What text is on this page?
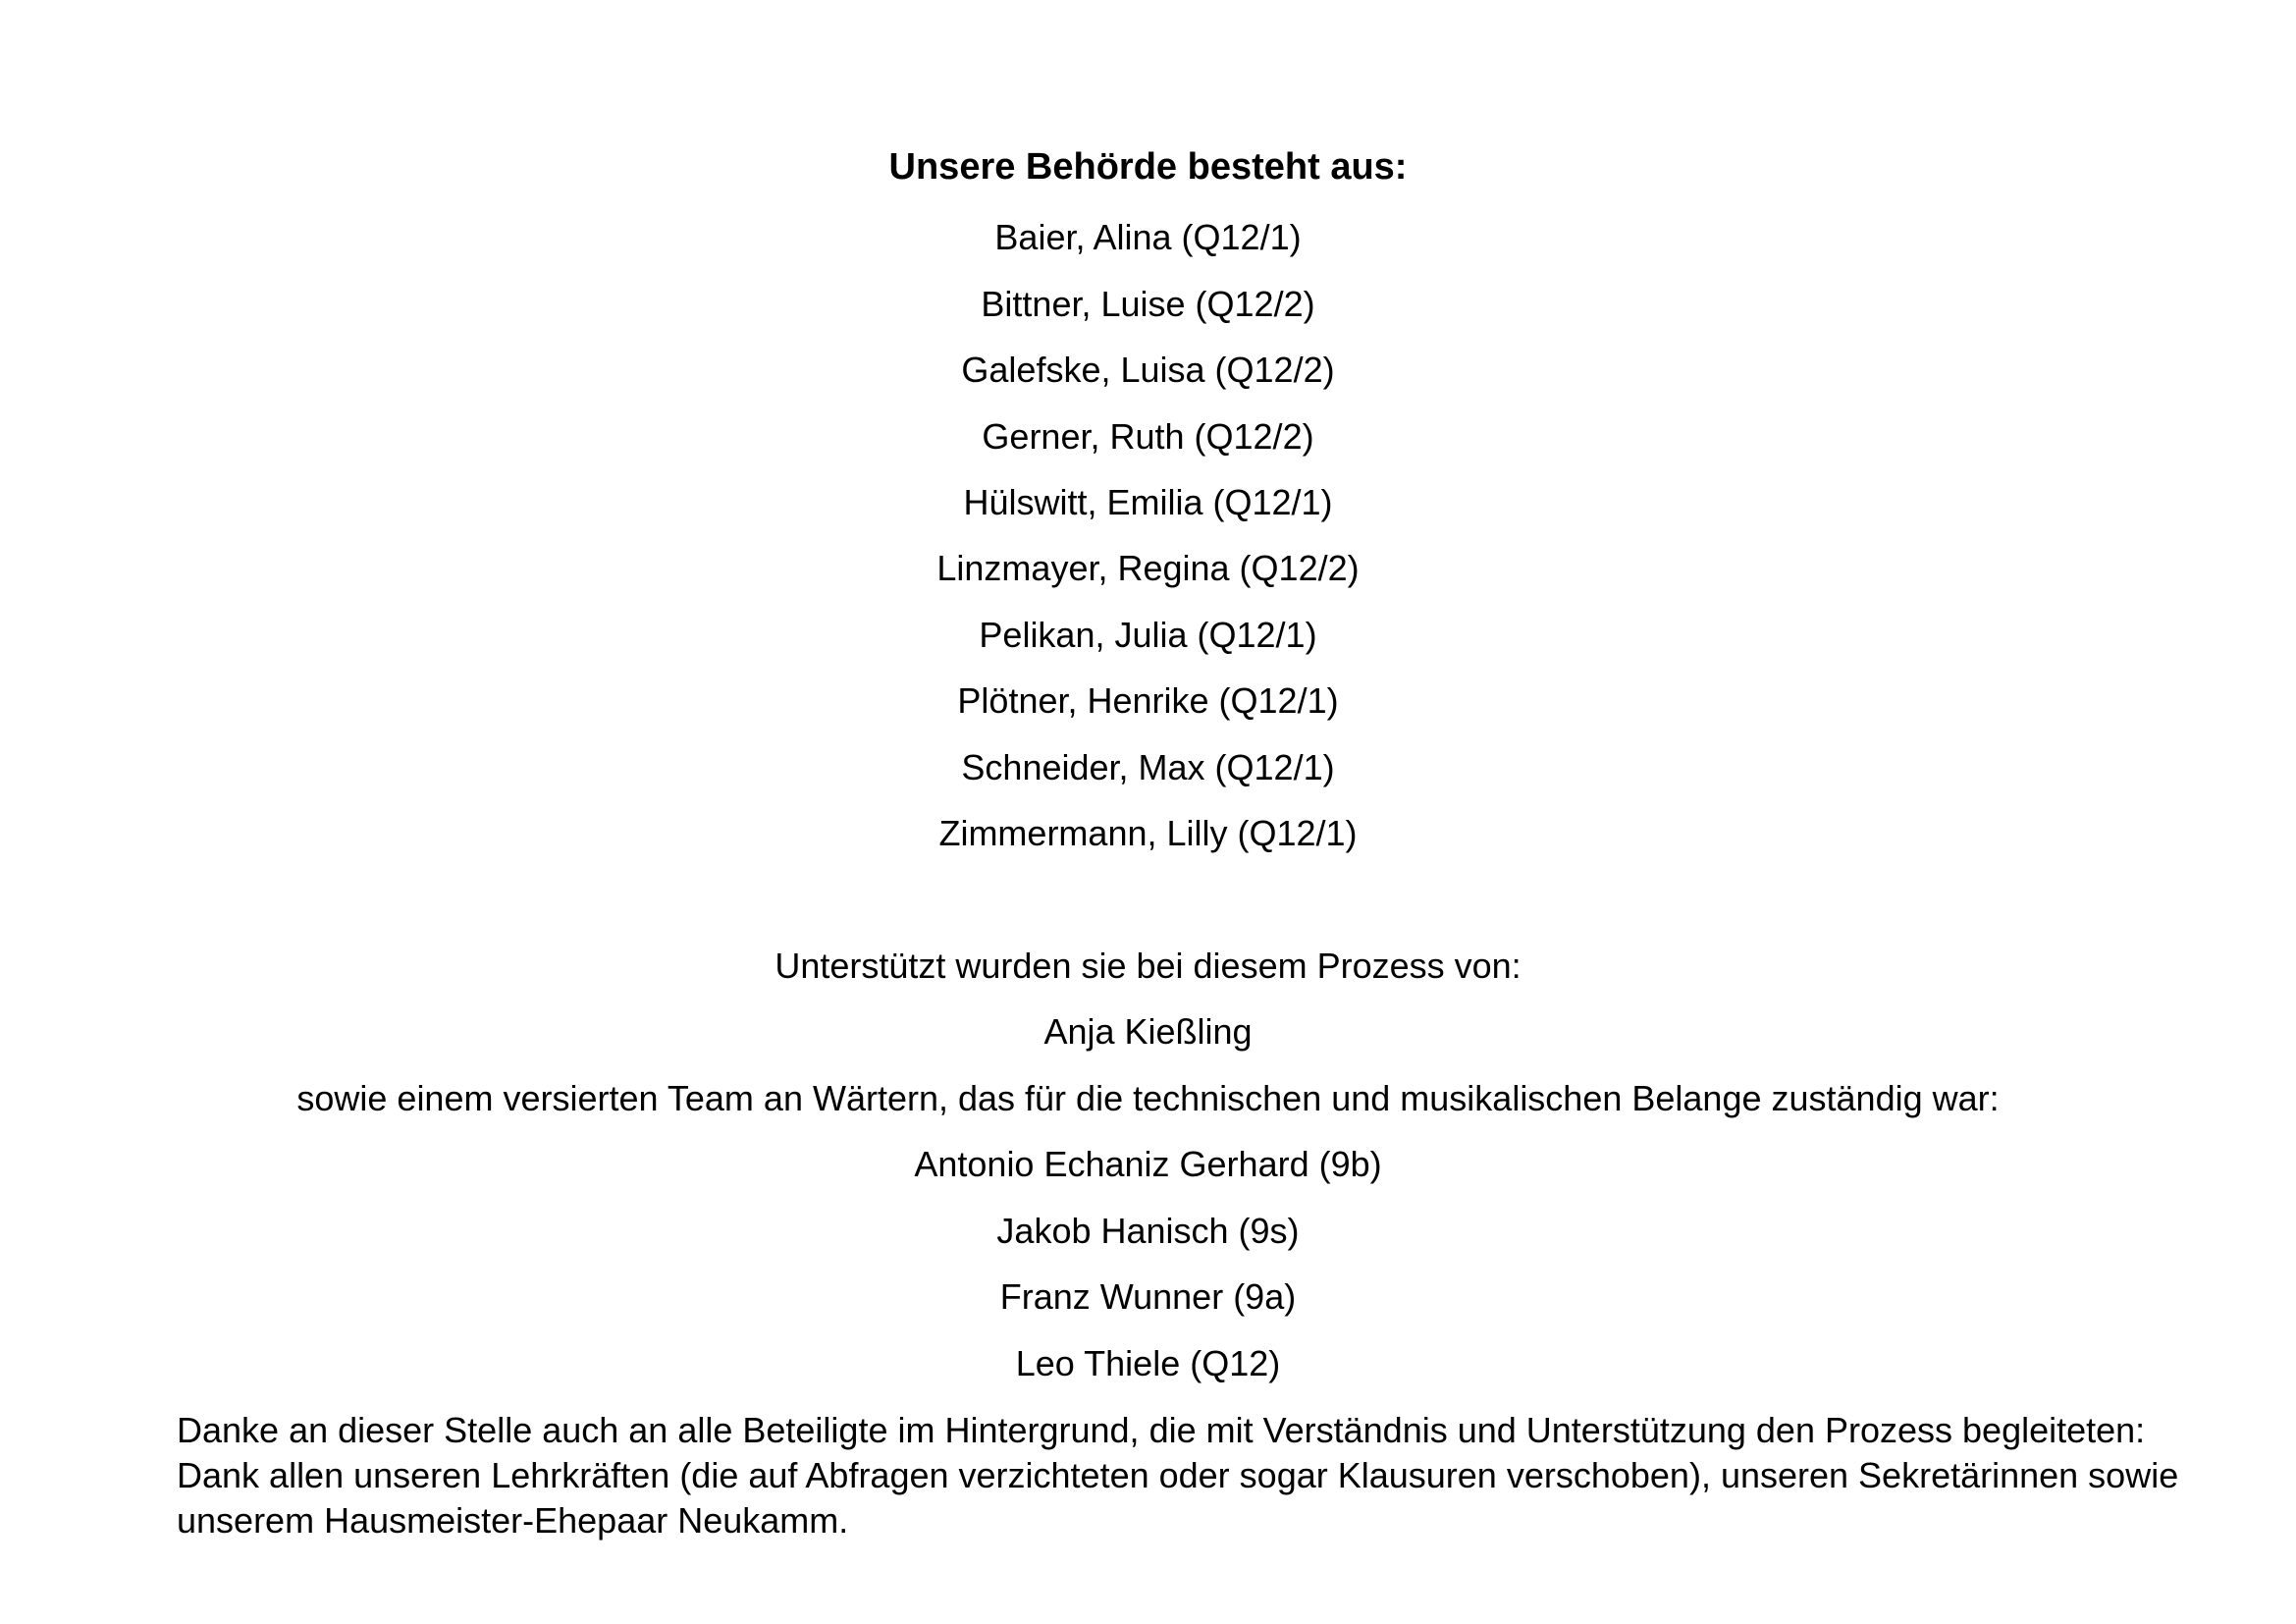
Unsere Behörde besteht aus:
Baier, Alina (Q12/1)
Bittner, Luise (Q12/2)
Galefske, Luisa (Q12/2)
Gerner, Ruth (Q12/2)
Hülswitt, Emilia (Q12/1)
Linzmayer, Regina (Q12/2)
Pelikan, Julia (Q12/1)
Plötner, Henrike (Q12/1)
Schneider, Max (Q12/1)
Zimmermann, Lilly (Q12/1)
Unterstützt wurden sie bei diesem Prozess von:
Anja Kießling
sowie einem versierten Team an Wärtern, das für die technischen und musikalischen Belange zuständig war:
Antonio Echaniz Gerhard (9b)
Jakob Hanisch (9s)
Franz Wunner (9a)
Leo Thiele (Q12)
Danke an dieser Stelle auch an alle Beteiligte im Hintergrund, die mit Verständnis und Unterstützung den Prozess begleiteten:
Dank allen unseren Lehrkräften (die auf Abfragen verzichteten oder sogar Klausuren verschoben), unseren Sekretärinnen sowie
unserem Hausmeister-Ehepaar Neukamm.
